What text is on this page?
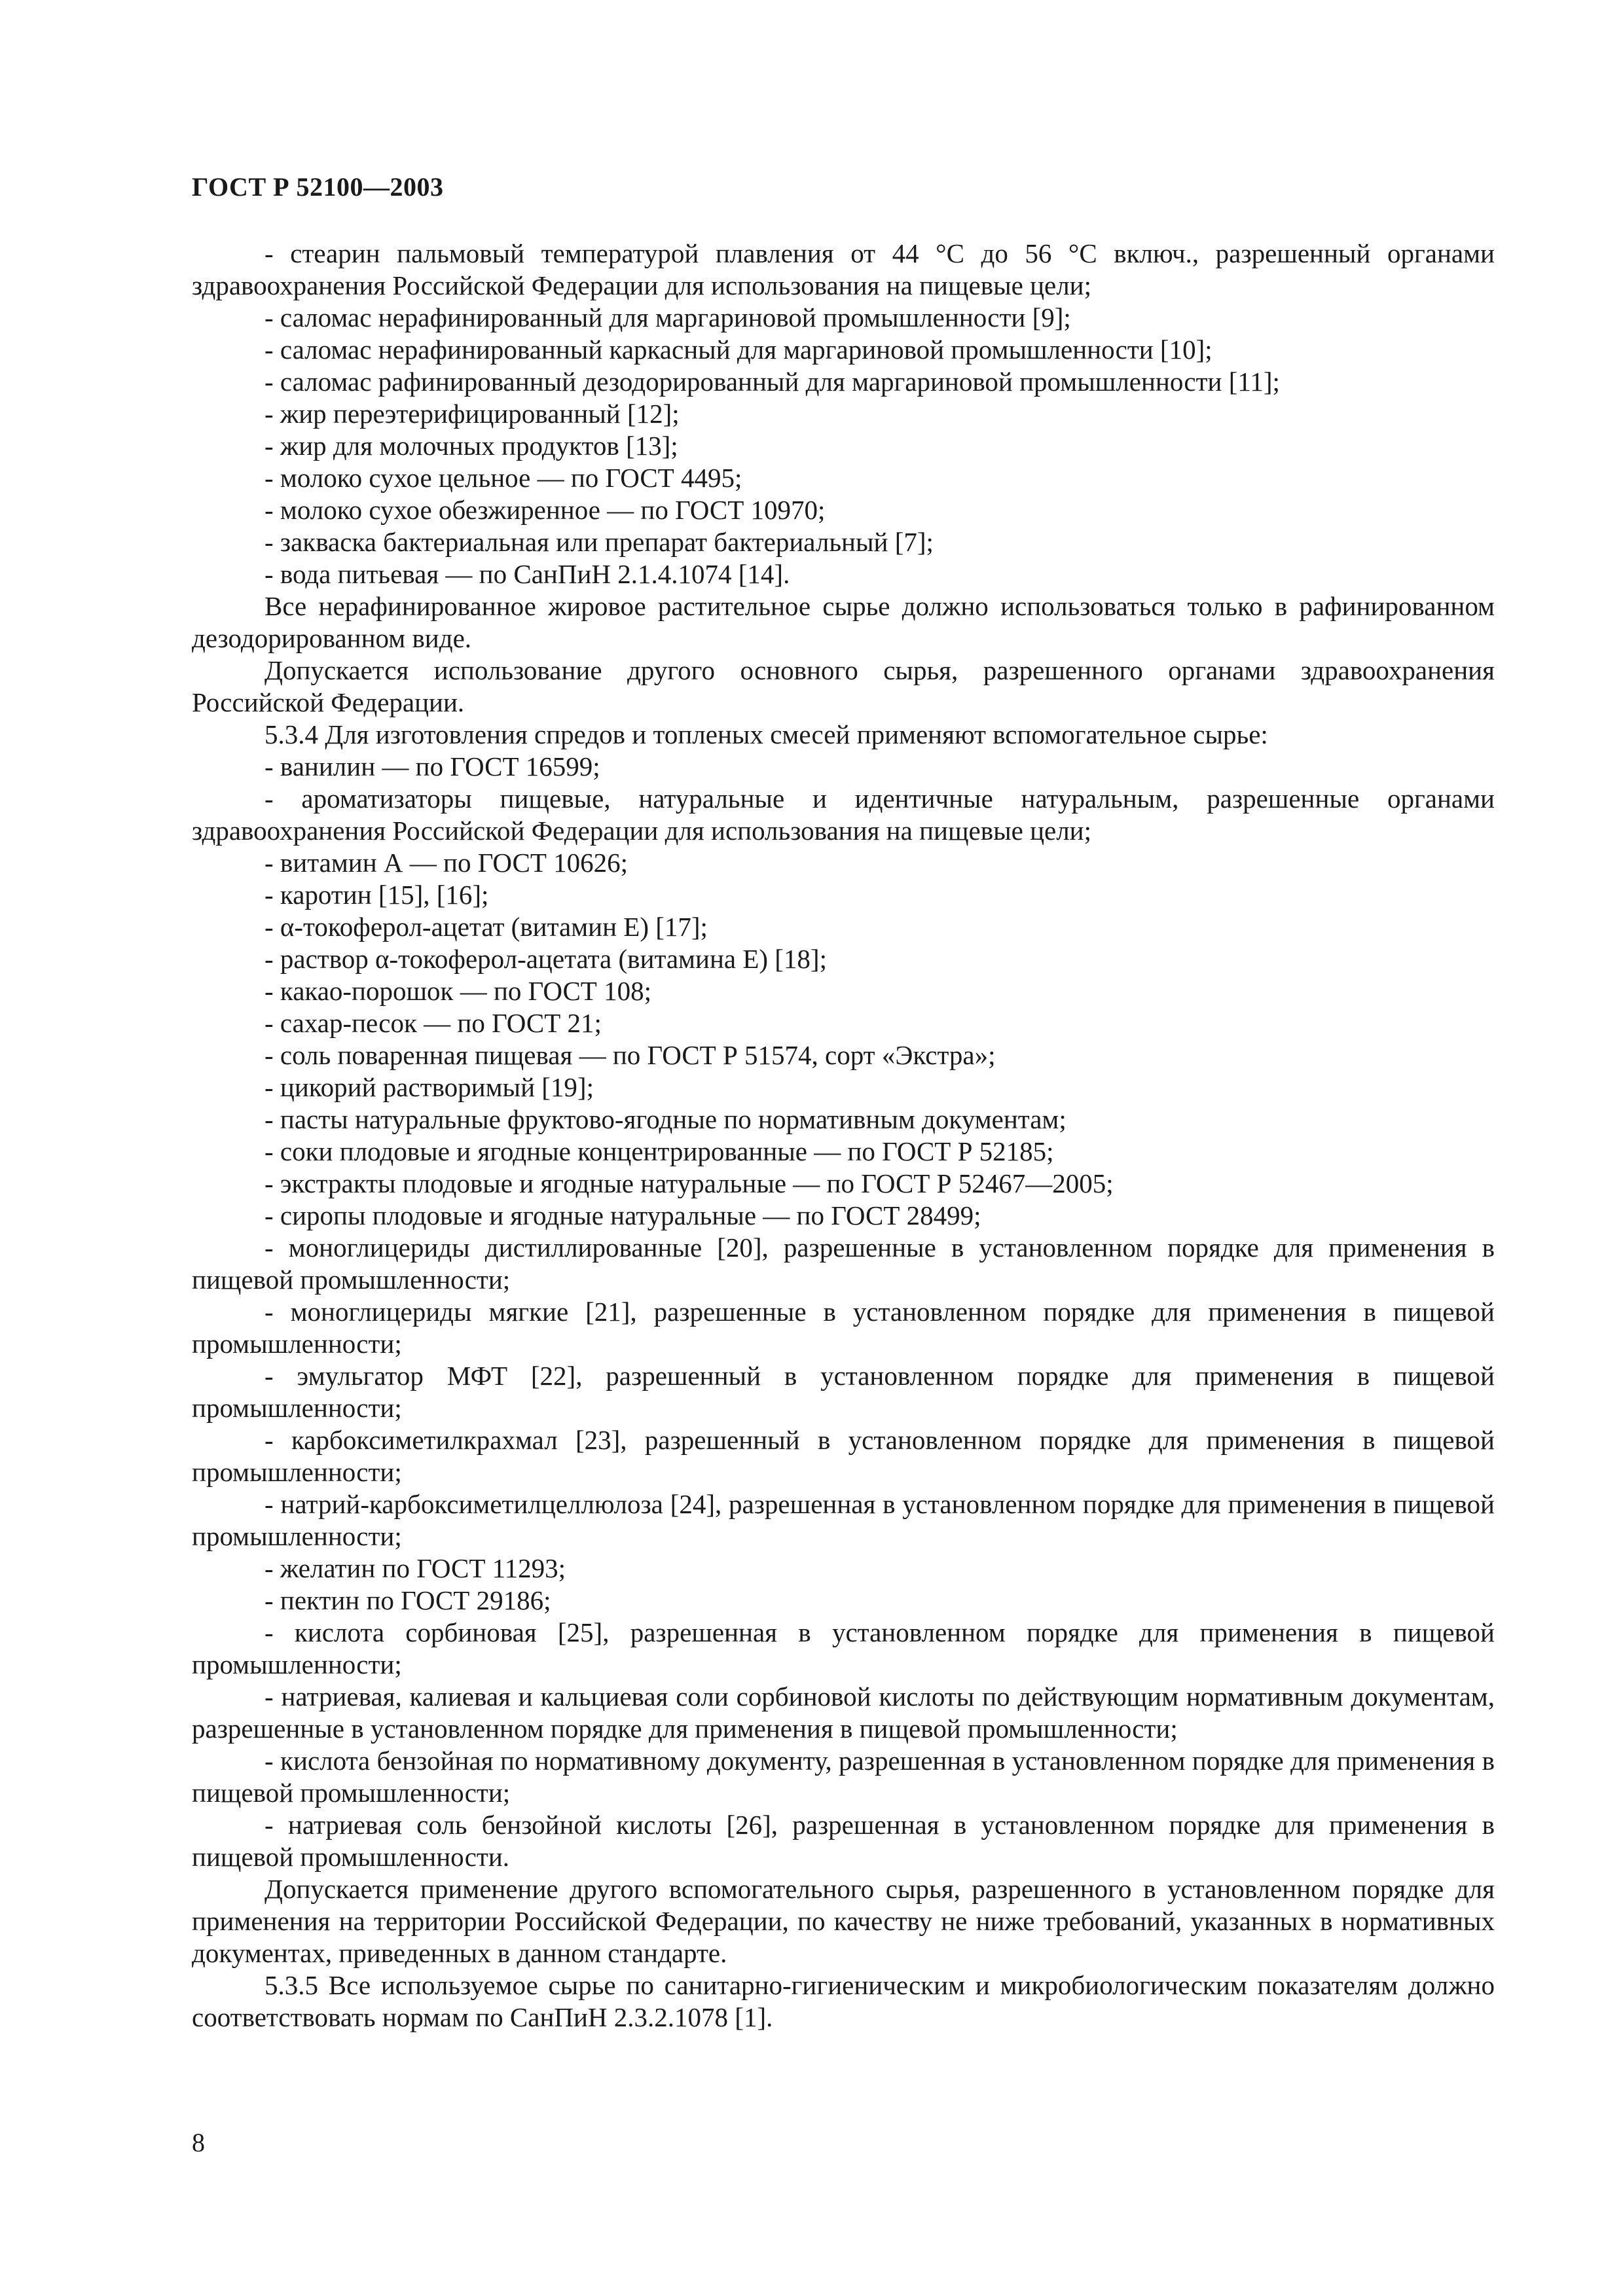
ГОСТ Р 52100—2003

- стеарин пальмовый температурой плавления от 44 °С до 56 °С включ., разрешенный органами здравоохранения Российской Федерации для использования на пищевые цели;

- саломас нерафинированный для маргариновой промышленности [9];

- саломас нерафинированный каркасный для маргариновой промышленности [10];

- саломас рафинированный дезодорированный для маргариновой промышленности [11];

- жир переэтерифицированный [12];

- жир для молочных продуктов [13];

- молоко сухое цельное — по ГОСТ 4495;

- молоко сухое обезжиренное — по ГОСТ 10970;

- закваска бактериальная или препарат бактериальный [7];

- вода питьевая — по СанПиН 2.1.4.1074 [14].

Все нерафинированное жировое растительное сырье должно использоваться только в рафинированном дезодорированном виде.

Допускается использование другого основного сырья, разрешенного органами здравоохранения Российской Федерации.

5.3.4 Для изготовления спредов и топленых смесей применяют вспомогательное сырье:

- ванилин — по ГОСТ 16599;

- ароматизаторы пищевые, натуральные и идентичные натуральным, разрешенные органами здравоохранения Российской Федерации для использования на пищевые цели;

- витамин А — по ГОСТ 10626;

- каротин [15], [16];

- α-токоферол-ацетат (витамин Е) [17];

- раствор α-токоферол-ацетата (витамина Е) [18];

- какао-порошок — по ГОСТ 108;

- сахар-песок — по ГОСТ 21;

- соль поваренная пищевая — по ГОСТ Р 51574, сорт «Экстра»;

- цикорий растворимый [19];

- пасты натуральные фруктово-ягодные по нормативным документам;

- соки плодовые и ягодные концентрированные — по ГОСТ Р 52185;

- экстракты плодовые и ягодные натуральные — по ГОСТ Р 52467—2005;

- сиропы плодовые и ягодные натуральные — по ГОСТ 28499;

- моноглицериды дистиллированные [20], разрешенные в установленном порядке для применения в пищевой промышленности;

- моноглицериды мягкие [21], разрешенные в установленном порядке для применения в пищевой промышленности;

- эмульгатор МФТ [22], разрешенный в установленном порядке для применения в пищевой промышленности;

- карбоксиметилкрахмал [23], разрешенный в установленном порядке для применения в пищевой промышленности;

- натрий-карбоксиметилцеллюлоза [24], разрешенная в установленном порядке для применения в пищевой промышленности;

- желатин по ГОСТ 11293;

- пектин по ГОСТ 29186;

- кислота сорбиновая [25], разрешенная в установленном порядке для применения в пищевой промышленности;

- натриевая, калиевая и кальциевая соли сорбиновой кислоты по действующим нормативным документам, разрешенные в установленном порядке для применения в пищевой промышленности;

- кислота бензойная по нормативному документу, разрешенная в установленном порядке для применения в пищевой промышленности;

- натриевая соль бензойной кислоты [26], разрешенная в установленном порядке для применения в пищевой промышленности.

Допускается применение другого вспомогательного сырья, разрешенного в установленном порядке для применения на территории Российской Федерации, по качеству не ниже требований, указанных в нормативных документах, приведенных в данном стандарте.

5.3.5 Все используемое сырье по санитарно-гигиеническим и микробиологическим показателям должно соответствовать нормам по СанПиН 2.3.2.1078 [1].

8
